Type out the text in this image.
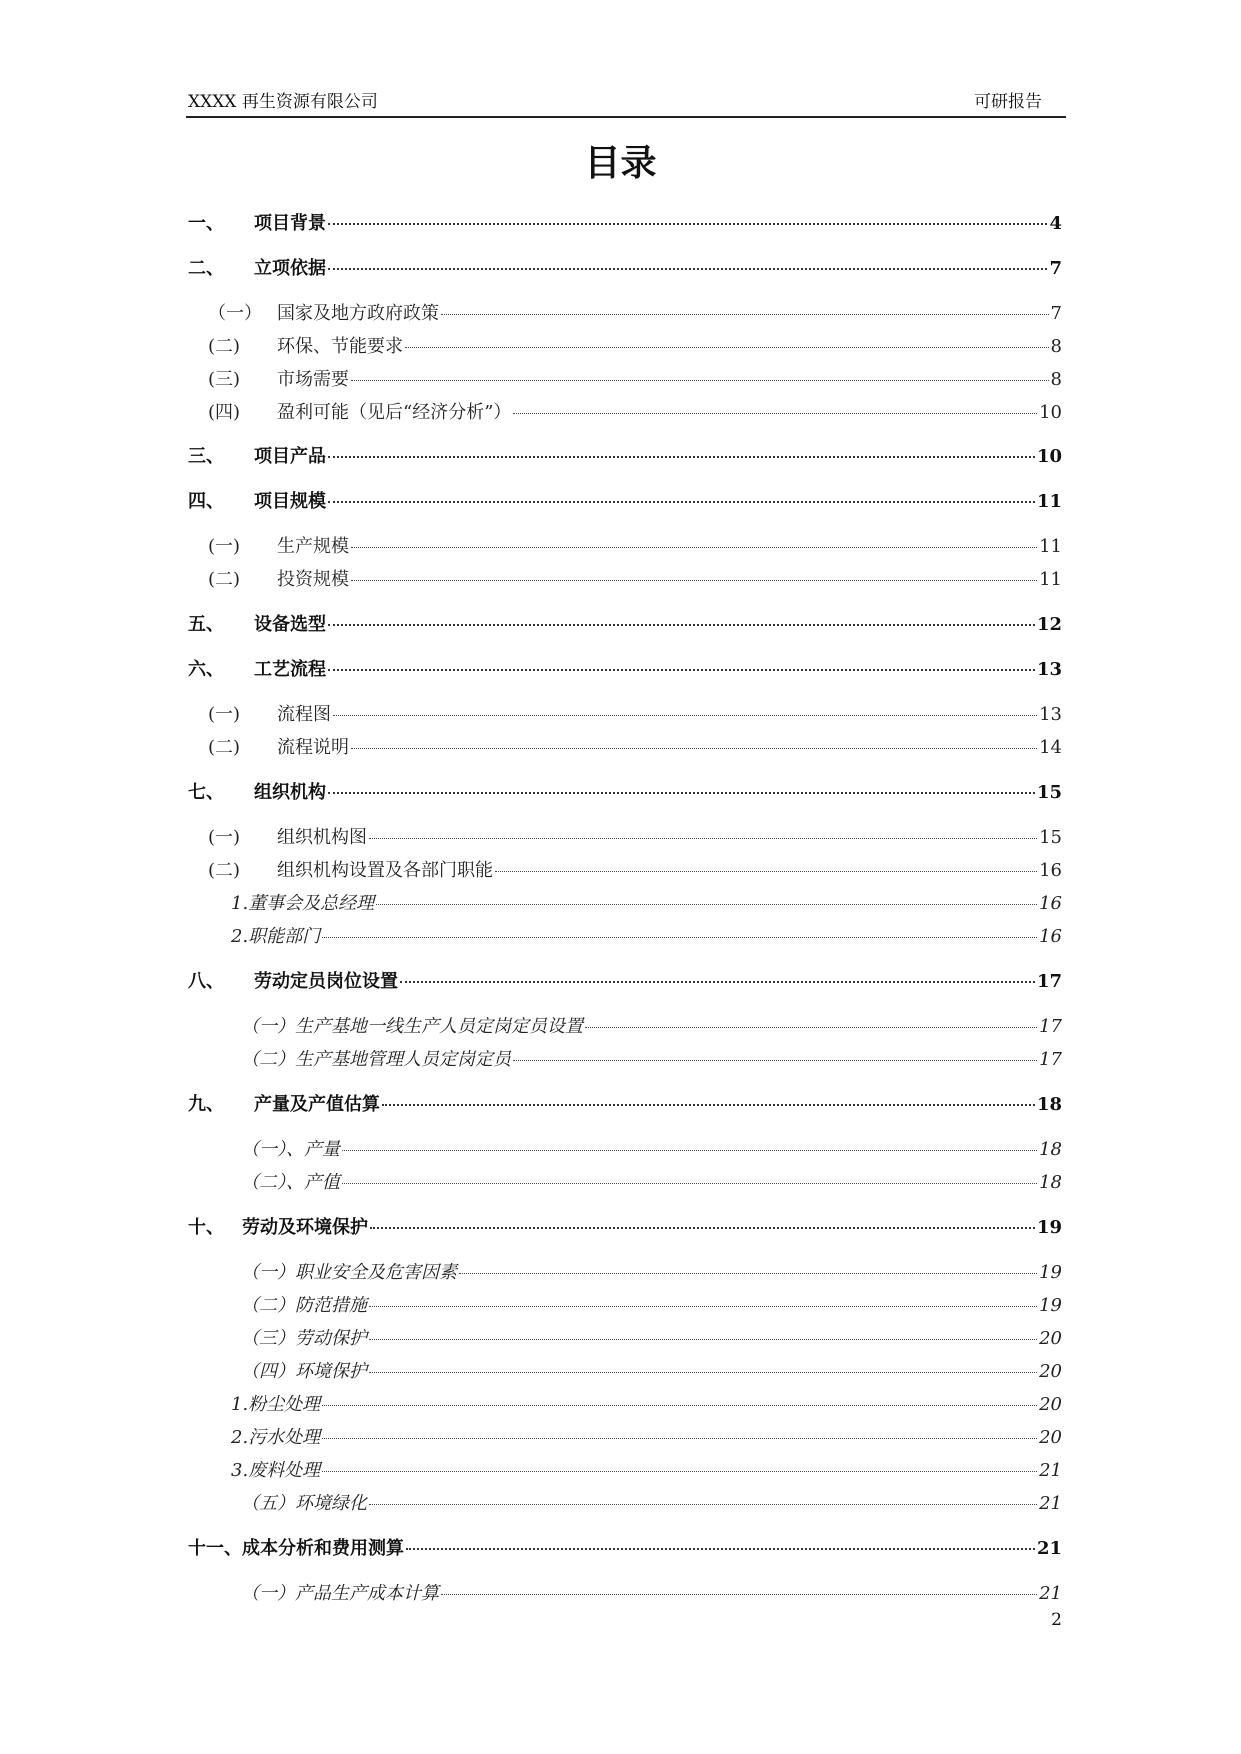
XXXX 再生资源有限公司	可研报告
目录
一、	项目背景	4
二、	立项依据	7
（一） 国家及地方政府政策	7
(二)	环保、节能要求	8
(三)	市场需要	8
(四)	盈利可能（见后“经济分析”）	10
三、	项目产品	10
四、	项目规模	11
(一)	生产规模	11
(二)	投资规模	11
五、	设备选型	12
六、	工艺流程	13
(一)	流程图	13
(二)	流程说明	14
七、	组织机构	15
(一)	组织机构图	15
(二)	组织机构设置及各部门职能	16
1. 董事会及总经理	16
2. 职能部门	16
八、	劳动定员岗位设置	17
（一） 生产基地一线生产人员定岗定员设置	17
（二） 生产基地管理人员定岗定员	17
九、	产量及产值估算	18
（一）、 产量	18
（二）、 产值	18
十、	劳动及环境保护	19
（一） 职业安全及危害因素	19
（二） 防范措施	19
（三） 劳动保护	20
（四） 环境保护	20
1. 粉尘处理	20
2. 污水处理	20
3. 废料处理	21
（五） 环境绿化	21
十一、 成本分析和费用测算	21
（一） 产品生产成本计算	21
2
